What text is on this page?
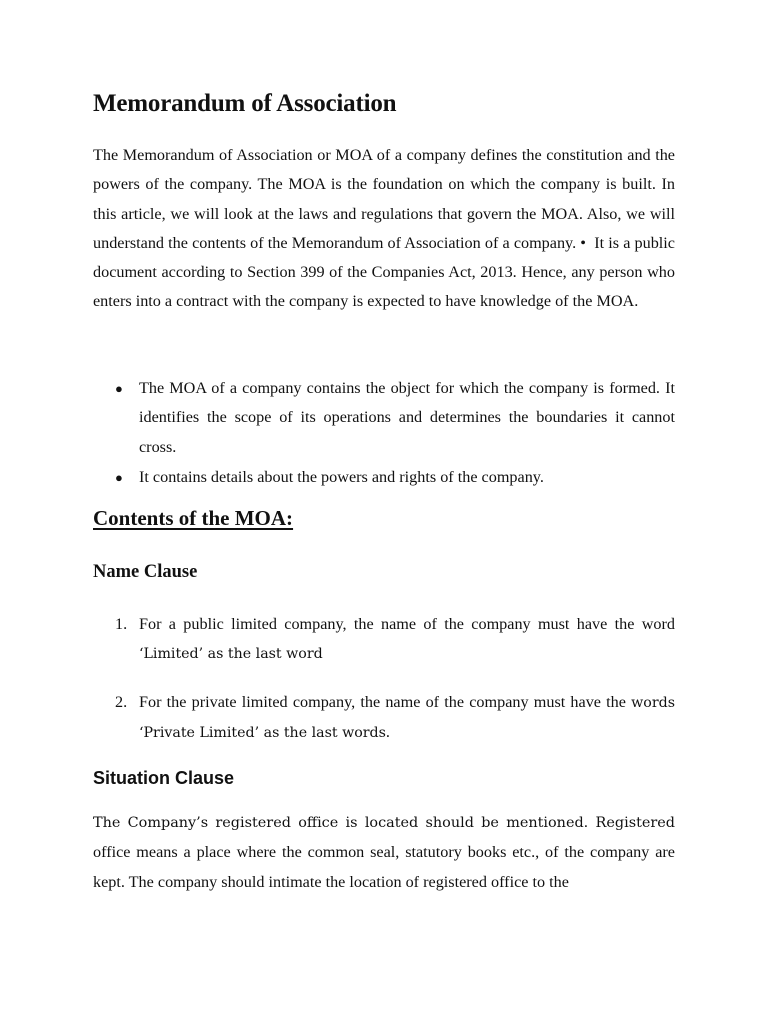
Memorandum of Association

The Memorandum of Association or MOA of a company defines the constitution and the powers of the company. The MOA is the foundation on which the company is built. In this article, we will look at the laws and regulations that govern the MOA. Also, we will understand the contents of the Memorandum of Association of a company. •  It is a public document according to Section 399 of the Companies Act, 2013. Hence, any person who enters into a contract with the company is expected to have knowledge of the MOA.

● The MOA of a company contains the object for which the company is formed. It identifies the scope of its operations and determines the boundaries it cannot cross.
● It contains details about the powers and rights of the company.
Contents of the MOA:
Name Clause
1. For a public limited company, the name of the company must have the word ‘Limited’ as the last word
2. For the private limited company, the name of the company must have the words ‘Private Limited’ as the last words.
Situation Clause

The Company’s registered office is located should be mentioned. Registered office means a place where the common seal, statutory books etc., of the company are kept. The company should intimate the location of registered office to the
